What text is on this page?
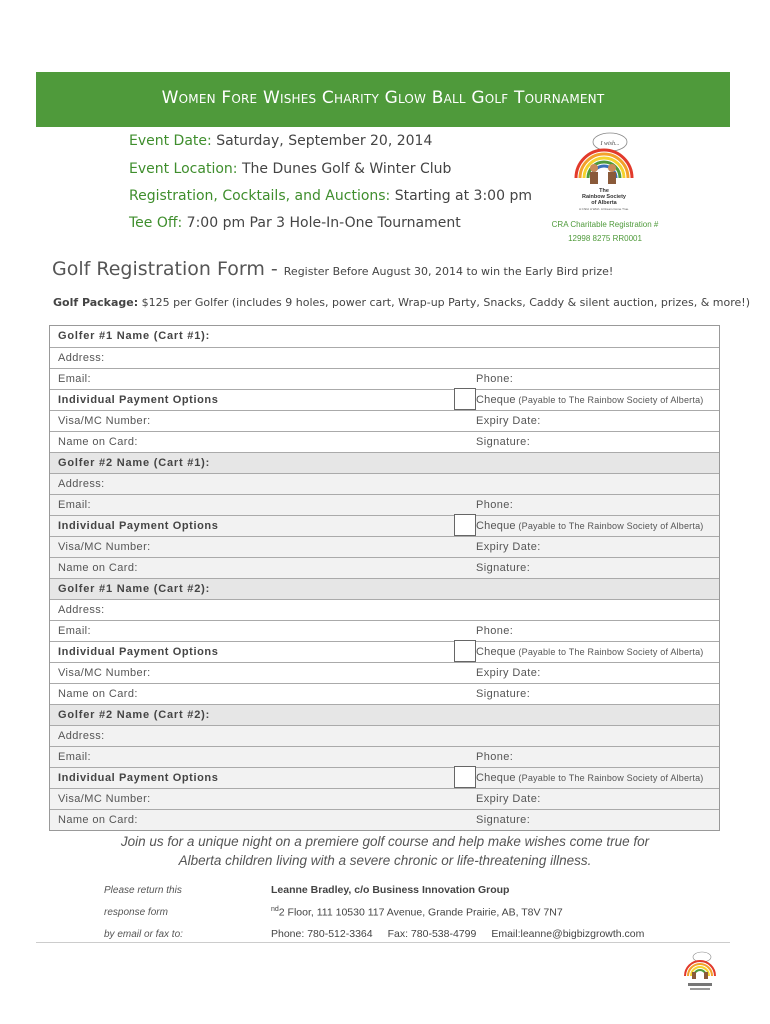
Women Fore Wishes Charity Glow Ball Golf Tournament
Event Date: Saturday, September 20, 2014
Event Location: The Dunes Golf & Winter Club
Registration, Cocktails, and Auctions: Starting at 3:00 pm
Tee Off: 7:00 pm Par 3 Hole-In-One Tournament
I wish...
The
Rainbow Society
of Alberta
A Child. A Wish. A Dream Come True.
CRA Charitable Registration #
12998 8275 RR0001
Golf Registration Form - Register Before August 30, 2014 to win the Early Bird prize!
Golf Package: $125 per Golfer (includes 9 holes, power cart, Wrap-up Party, Snacks, Caddy & silent auction, prizes, & more!)
Golfer #1 Name (Cart #1):
Address:
Email:	Phone:
Individual Payment Options	Cheque (Payable to The Rainbow Society of Alberta)
Visa/MC Number:	Expiry Date:
Name on Card:	Signature:
Golfer #2 Name (Cart #1):
Address:
Email:	Phone:
Individual Payment Options	Cheque (Payable to The Rainbow Society of Alberta)
Visa/MC Number:	Expiry Date:
Name on Card:	Signature:
Golfer #1 Name (Cart #2):
Address:
Email:	Phone:
Individual Payment Options	Cheque (Payable to The Rainbow Society of Alberta)
Visa/MC Number:	Expiry Date:
Name on Card:	Signature:
Golfer #2 Name (Cart #2):
Address:
Email:	Phone:
Individual Payment Options	Cheque (Payable to The Rainbow Society of Alberta)
Visa/MC Number:	Expiry Date:
Name on Card:	Signature:
Join us for a unique night on a premiere golf course and help make wishes come true for
Alberta children living with a severe chronic or life-threatening illness.
Please return this
response form
by email or fax to:
Leanne Bradley, c/o Business Innovation Group
$^{nd}$2 Floor, 111 10530 117 Avenue, Grande Prairie, AB, T8V 7N7
Phone: 780-512-3364 Fax: 780-538-4799 Email:leanne@bigbizgrowth.com
